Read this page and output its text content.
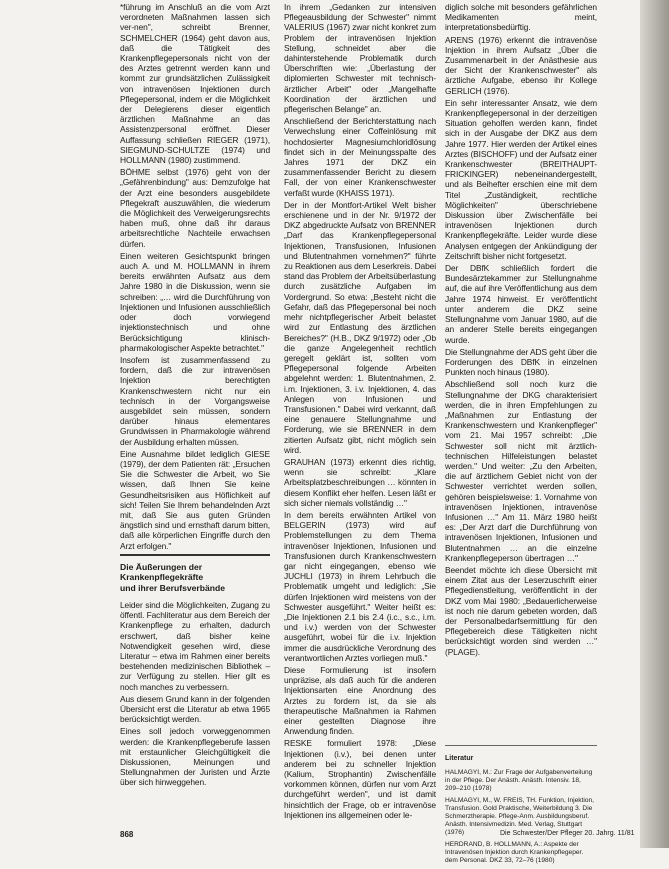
*führung im Anschluß an die vom Arzt verordneten Maßnahmen lassen sich ver-nen", schreibt Brenner, SCHMELCHER (1964) geht davon aus, daß die Tätigkeit des Krankenpflegepersonals nicht von der des Arztes getrennt werden kann und kommt zur grundsätzlichen Zulässigkeit von intravenösen Injektionen durch Pflegepersonal, indem er die Möglichkeit der Delegierens dieser eigentlich ärztlichen Maßnahme an das Assistenzpersonal eröffnet. Dieser Auffassung schließen RIEGER (1971), SIEGMUND-SCHULTZE (1974) und HOLLMANN (1980) zustimmend.

BÖHME selbst (1976) geht von der „Gefährenbindung" aus: Demzufolge hat der Arzt eine besonders ausgebildete Pflegekraft auszuwählen, die wiederum die Möglichkeit des Verweigerungsrechts haben muß, ohne daß ihr daraus arbeitsrechtliche Nachteile erwachsen dürfen.

Einen weiteren Gesichtspunkt bringen auch A. und M. HOLLMANN in ihrem bereits erwähnten Aufsatz aus dem Jahre 1980 in die Diskussion, wenn sie schreiben: „… wird die Durchführung von Injektionen und Infusionen ausschließlich oder doch vorwiegend injektionstechnisch und ohne Berücksichtigung klinisch-pharmakologischer Aspekte betrachtet."

Insofern ist zusammenfassend zu fordern, daß die zur intravenösen Injektion berechtigten Krankenschwestern nicht nur ein technisch in der Vorgangsweise ausgebildet sein müssen, sondern darüber hinaus elementares Grundwissen in Pharmakologie während der Ausbildung erhalten müssen.

Eine Ausnahme bildet lediglich GIESE (1979), der dem Patienten rät: „Ersuchen Sie die Schwester die Arbeit, wo Sie wissen, daß Ihnen Sie keine Gesundheitsrisiken aus Höflichkeit auf sich! Teilen Sie Ihrem behandelnden Arzt mit, daß Sie aus guten Gründen ängstlich sind und ernsthaft darum bitten, daß alle körperlichen Eingriffe durch den Arzt erfolgen."

Die Äußerungen der
Krankenpflegekräfte
und ihrer Berufsverbände

Leider sind die Möglichkeiten, Zugang zu öffentl. Fachliteratur aus dem Bereich der Krankenpflege zu erhalten, dadurch erschwert, daß bisher keine Notwendigkeit gesehen wird, diese Literatur – etwa im Rahmen einer bereits bestehenden medizinischen Bibliothek – zur Verfügung zu stellen. Hier gilt es noch manches zu verbessern.

Aus diesem Grund kann in der folgenden Übersicht erst die Literatur ab etwa 1965 berücksichtigt werden.

Eines soll jedoch vorweggenommen werden: die Krankenpflegeberufe lassen mit erstaunlicher Gleichgültigkeit die Diskussionen, Meinungen und Stellungnahmen der Juristen und Ärzte über sich hinweggehen.

In ihrem „Gedanken zur intensiven Pflegeausbildung der Schwester" nimmt VALERIUS (1967) zwar nicht konkret zum Problem der intravenösen Injektion Stellung, schneidet aber die dahinterstehende Problematik durch Überschriften wie: „Überlastung der diplomierten Schwester mit technisch-ärztlicher Arbeit" oder „Mangelhafte Koordination der ärztlichen und pflegerischen Belange" an.

Anschließend der Berichterstattung nach Verwechslung einer Coffeinlösung mit hochdosierter Magnesiumchloridlösung findet sich in der Meinungsspalte des Jahres 1971 der DKZ ein zusammenfassender Bericht zu diesem Fall, der von einer Krankenschwester verfaßt wurde (KHAISS 1971).

Der in der Montfort-Artikel Welt bisher erschienene und in der Nr. 9/1972 der DKZ abgedruckte Aufsatz von BRENNER „Darf das Krankenpflegepersonal Injektionen, Transfusionen, Infusionen und Blutentnahmen vornehmen?" führte zu Reaktionen aus dem Leserkreis. Dabei stand das Problem der Arbeitsüberlastung durch zusätzliche Aufgaben im Vordergrund. So etwa: „Besteht nicht die Gefahr, daß das Pflegepersonal bei noch mehr nichtpflegerischer Arbeit belastet wird zur Entlastung des ärztlichen Bereiches?" (H.B., DKZ 9/1972) oder „Ob die ganze Angelegenheit rechtlich geregelt geklärt ist, sollten vom Pflegepersonal folgende Arbeiten abgelehnt werden: 1. Blutentnahmen, 2. i.m. Injektionen, 3. i.v. Injektionen, 4. das Anlegen von Infusionen und Transfusionen." Dabei wird verkannt, daß eine genauere Stellungnahme und Forderung, wie sie BRENNER in dem zitierten Aufsatz gibt, nicht möglich sein wird.

GRAUHAN (1973) erkennt dies richtig, wenn sie schreibt: „Klare Arbeitsplatzbeschreibungen … könnten in diesem Konflikt eher helfen. Lesen läßt er sich sicher niemals vollständig …"

In dem bereits erwähnten Artikel von BELGERIN (1973) wird auf Problemstellungen zu dem Thema intravenöser Injektionen, Infusionen und Transfusionen durch Krankenschwestern gar nicht eingegangen, ebenso wie JUCHLI (1973) in ihrem Lehrbuch die Problematik umgeht und lediglich: „Sie dürfen Injektionen wird meistens von der Schwester ausgeführt." Weiter heißt es: „Die Injektionen 2.1 bis 2.4 (i.c., s.c., i.m. und i.v.) werden von der Schwester ausgeführt, wobei für die i.v. Injektion immer die ausdrückliche Verordnung des verantwortlichen Arztes vorliegen muß."

Diese Formulierung ist insofern unpräzise, als daß auch für die anderen Injektionsarten eine Anordnung des Arztes zu fordern ist, da sie als therapeutische Maßnahmen ia Rahmen einer gestellten Diagnose ihre Anwendung finden.

RESKE formuliert 1978: „Diese Injektionen (i.v.), bei denen unter anderem bei zu schneller Injektion (Kalium, Strophantin) Zwischenfälle vorkommen können, dürfen nur vom Arzt durchgeführt werden", und ist damit hinsichtlich der Frage, ob er intravenöse Injektionen ins allgemeinen oder le-

diglich solche mit besonders gefährlichen Medikamenten meint, interpretationsbedürftig.

ARENS (1976) erkennt die intravenöse Injektion in ihrem Aufsatz „Über die Zusammenarbeit in der Anästhesie aus der Sicht der Krankenschwester" als ärztliche Aufgabe, ebenso ihr Kollege GERLICH (1976).

Ein sehr interessanter Ansatz, wie dem Krankenpflegepersonal in der derzeitigen Situation geholfen werden kann, findet sich in der Ausgabe der DKZ aus dem Jahre 1977. Hier werden der Artikel eines Arztes (BISCHOFF) und der Aufsatz einer Krankenschwester (BREITHAUPT-FRICKINGER) nebeneinandergestellt, und als Beihefter erschien eine mit dem Titel „Zuständigkeit, rechtliche Möglichkeiten" überschriebene Diskussion über Zwischenfälle bei intravenösen Injektionen durch Krankenpflegekräfte. Leider wurde diese Analysen entgegen der Ankündigung der Zeitschrift bisher nicht fortgesetzt.

Der DBfK schließlich fordert die Bundesärztekammer zur Stellungnahme auf, die auf ihre Veröffentlichung aus dem Jahre 1974 hinweist. Er veröffentlicht unter anderem die DKZ seine Stellungnahme vom Januar 1980, auf die an anderer Stelle bereits eingegangen wurde.

Die Stellungnahme der ADS geht über die Forderungen des DBfK in einzelnen Punkten noch hinaus (1980).

Abschließend soll noch kurz die Stellungnahme der DKG charakterisiert werden, die in ihren Empfehlungen zu „Maßnahmen zur Entlastung der Krankenschwestern und Krankenpfleger" vom 21. Mai 1957 schreibt: „Die Schwester soll nicht mit ärztlich-technischen Hilfeleistungen belastet werden." Und weiter: „Zu den Arbeiten, die auf ärztlichem Gebiet nicht von der Schwester verrichtet werden sollen, gehören beispielsweise: 1. Vornahme von intravenösen Injektionen, intravenöse Infusionen …" Am 11. März 1980 heißt es: „Der Arzt darf die Durchführung von intravenösen Injektionen, Infusionen und Blutentnahmen … an die einzelne Krankenpflegeperson übertragen …"

Beendet möchte ich diese Übersicht mit einem Zitat aus der Leserzuschrift einer Pflegedienstleitung, veröffentlicht in der DKZ vom Mai 1980: „Bedauerlicherweise ist noch nie darum gebeten worden, daß der Personalbedarfsermittlung für den Pflegebereich diese Tätigkeiten nicht berücksichtigt worden sind werden …" (PLAGE).

Literatur

HALMAGYI, M.: Zur Frage der Aufgabenverteilung in der Pflege. Der Anästh. Anästh. Intensiv. 18, 209–210 (1978)

HALMAGYI, M., W. FREIS, TH. Funktion, Injektion, Transfusion. Gold Praktische, Weiterbildung 3. Die Schmerztherapie. Pflege-Anm. Ausbildungsberuf. Anästh. Intensivmedizin. Med. Verlag, Stuttgart (1976)

HERDRAND, B. HOLLMANN, A.: Aspekte der Intravenösen Injektion durch Krankenpflegeper. dem Personal. DKZ 33, 72–76 (1980)

868	Die Schwester/Der Pfleger 20. Jahrg. 11/81
